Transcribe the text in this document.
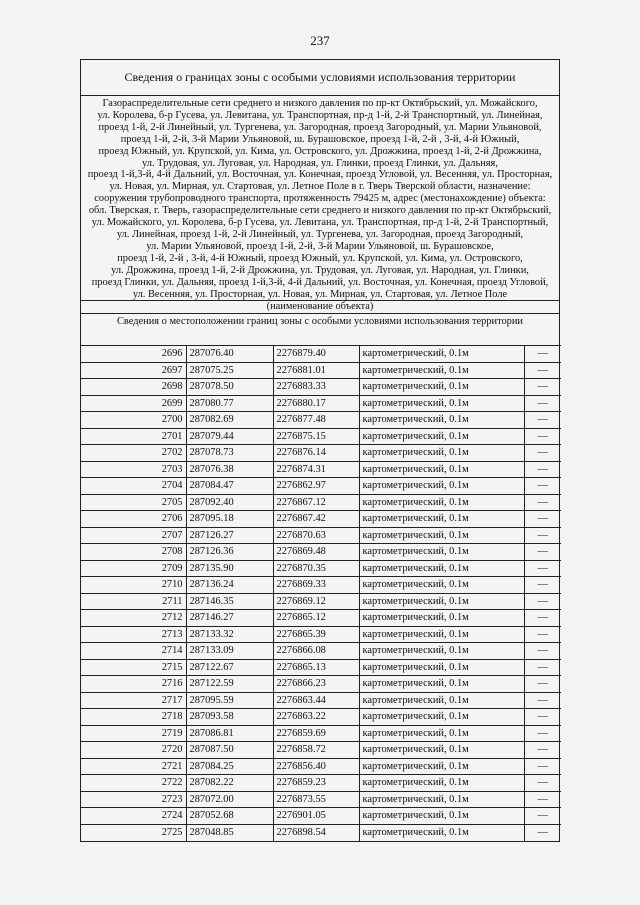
237
Сведения о границах зоны с особыми условиями использования территории
Газораспределительные сети среднего и низкого давления по пр-кт Октябрьский, ул. Можайского,
ул. Королева, б-р Гусева, ул. Левитана, ул. Транспортная, пр-д 1-й, 2-й Транспортный, ул. Линейная,
проезд 1-й, 2-й Линейный, ул. Тургенева, ул. Загородная, проезд Загородный, ул. Марии Ульяновой,
проезд 1-й, 2-й, 3-й Марии Ульяновой, ш. Бурашовское, проезд 1-й, 2-й , 3-й, 4-й Южный,
проезд Южный, ул. Крупской, ул. Кима, ул. Островского, ул. Дрожжина, проезд 1-й, 2-й Дрожжина,
ул. Трудовая, ул. Луговая, ул. Народная, ул. Глинки, проезд Глинки, ул. Дальняя,
проезд 1-й,3-й, 4-й Дальний, ул. Восточная, ул. Конечная, проезд Угловой, ул. Весенняя, ул. Просторная,
ул. Новая, ул. Мирная, ул. Стартовая, ул. Летное Поле в г. Тверь Тверской области, назначение:
сооружения трубопроводного транспорта, протяженность 79425 м, адрес (местонахождение) объекта:
обл. Тверская, г. Тверь, газораспределительные сети среднего и низкого давления по пр-кт Октябрьский,
ул. Можайского, ул. Королева, б-р Гусева, ул. Левитана, ул. Транспортная, пр-д 1-й, 2-й Транспортный,
ул. Линейная, проезд 1-й, 2-й Линейный, ул. Тургенева, ул. Загородная, проезд Загородный,
ул. Марии Ульяновой, проезд 1-й, 2-й, 3-й Марии Ульяновой, ш. Бурашовское,
проезд 1-й, 2-й , 3-й, 4-й Южный, проезд Южный, ул. Крупской, ул. Кима, ул. Островского,
ул. Дрожжина, проезд 1-й, 2-й Дрожжина, ул. Трудовая, ул. Луговая, ул. Народная, ул. Глинки,
проезд Глинки, ул. Дальняя, проезд 1-й,3-й, 4-й Дальний, ул. Восточная, ул. Конечная, проезд Угловой,
ул. Весенняя, ул. Просторная, ул. Новая, ул. Мирная, ул. Стартовая, ул. Летное Поле
(наименование объекта)
Сведения о местоположении границ зоны с особыми условиями использования территории
2696	287076.40	2276879.40	картометрический, 0.1м	—
2697	287075.25	2276881.01	картометрический, 0.1м	—
2698	287078.50	2276883.33	картометрический, 0.1м	—
2699	287080.77	2276880.17	картометрический, 0.1м	—
2700	287082.69	2276877.48	картометрический, 0.1м	—
2701	287079.44	2276875.15	картометрический, 0.1м	—
2702	287078.73	2276876.14	картометрический, 0.1м	—
2703	287076.38	2276874.31	картометрический, 0.1м	—
2704	287084.47	2276862.97	картометрический, 0.1м	—
2705	287092.40	2276867.12	картометрический, 0.1м	—
2706	287095.18	2276867.42	картометрический, 0.1м	—
2707	287126.27	2276870.63	картометрический, 0.1м	—
2708	287126.36	2276869.48	картометрический, 0.1м	—
2709	287135.90	2276870.35	картометрический, 0.1м	—
2710	287136.24	2276869.33	картометрический, 0.1м	—
2711	287146.35	2276869.12	картометрический, 0.1м	—
2712	287146.27	2276865.12	картометрический, 0.1м	—
2713	287133.32	2276865.39	картометрический, 0.1м	—
2714	287133.09	2276866.08	картометрический, 0.1м	—
2715	287122.67	2276865.13	картометрический, 0.1м	—
2716	287122.59	2276866.23	картометрический, 0.1м	—
2717	287095.59	2276863.44	картометрический, 0.1м	—
2718	287093.58	2276863.22	картометрический, 0.1м	—
2719	287086.81	2276859.69	картометрический, 0.1м	—
2720	287087.50	2276858.72	картометрический, 0.1м	—
2721	287084.25	2276856.40	картометрический, 0.1м	—
2722	287082.22	2276859.23	картометрический, 0.1м	—
2723	287072.00	2276873.55	картометрический, 0.1м	—
2724	287052.68	2276901.05	картометрический, 0.1м	—
2725	287048.85	2276898.54	картометрический, 0.1м	—
